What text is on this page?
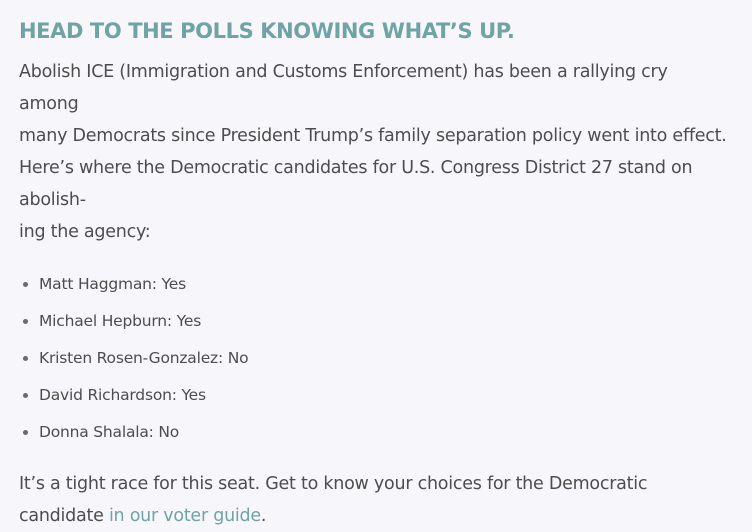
HEAD TO THE POLLS KNOWING WHAT’S UP.

Abolish ICE (Immigration and Customs Enforcement) has been a rallying cry among
many Democrats since President Trump’s family separation policy went into effect.
Here’s where the Democratic candidates for U.S. Congress District 27 stand on abolish-
ing the agency:

Matt Haggman: Yes
Michael Hepburn: Yes
Kristen Rosen-Gonzalez: No
David Richardson: Yes
Donna Shalala: No

It’s a tight race for this seat. Get to know your choices for the Democratic candidate in our voter guide.
